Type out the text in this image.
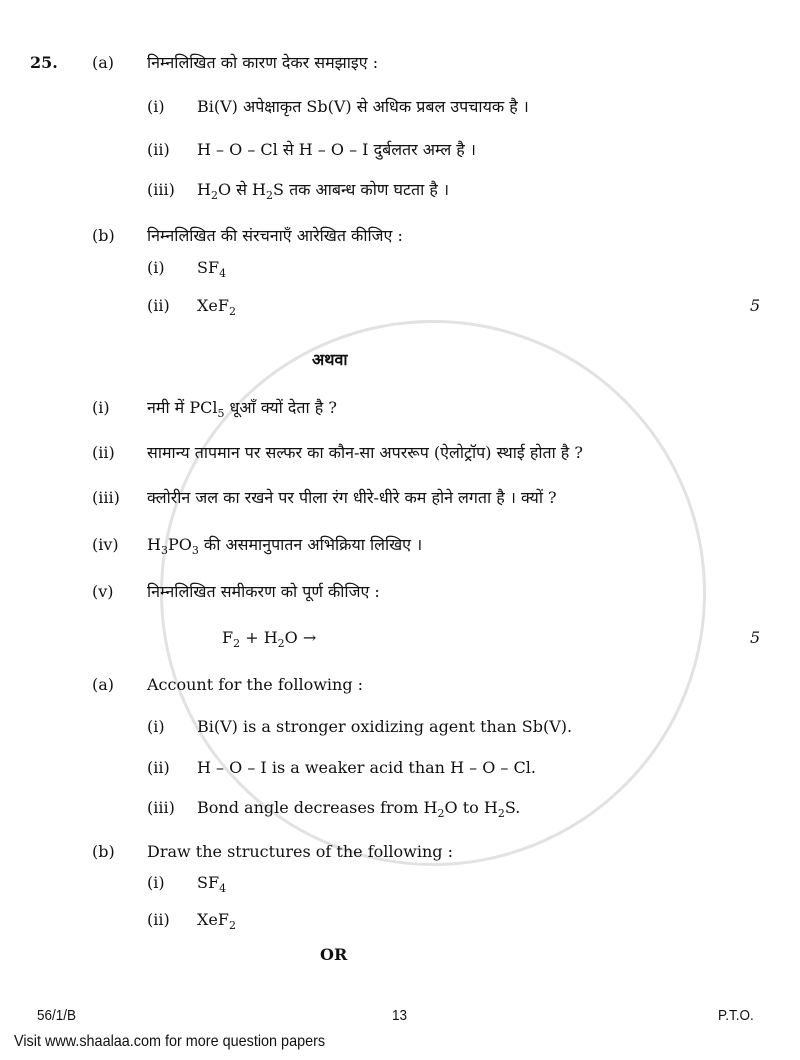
25. (a) निम्नलिखित को कारण देकर समझाइए :
(i) Bi(V) अपेक्षाकृत Sb(V) से अधिक प्रबल उपचायक है ।
(ii) H – O – Cl से H – O – I दुर्बलतर अम्ल है ।
(iii) $H_2O$ से $H_2S$ तक आबन्ध कोण घटता है ।
(b) निम्नलिखित की संरचनाएँ आरेखित कीजिए :
(i) $SF_4$
(ii) XeF$_2$	5
अथवा
(i) नमी में PCl$_5$ धूआँ क्यों देता है ?
(ii) सामान्य तापमान पर सल्फर का कौन-सा अपररूप (ऐलोट्रॉप) स्थाई होता है ?
(iii) क्लोरीन जल का रखने पर पीला रंग धीरे-धीरे कम होने लगता है । क्यों ?
(iv) $H_3PO_3$ की असमानुपातन अभिक्रिया लिखिए ।
(v) निम्नलिखित समीकरण को पूर्ण कीजिए :
$F_2 + H_2O$ →	5
(a) Account for the following :
(i) Bi(V) is a stronger oxidizing agent than Sb(V).
(ii) H – O – I is a weaker acid than H – O – Cl.
(iii) Bond angle decreases from $H_2O$ to $H_2S$.
(b) Draw the structures of the following :
(i) $SF_4$
(ii) XeF$_2$
OR
56/1/B	13	P.T.O.
Visit www.shaalaa.com for more question papers
